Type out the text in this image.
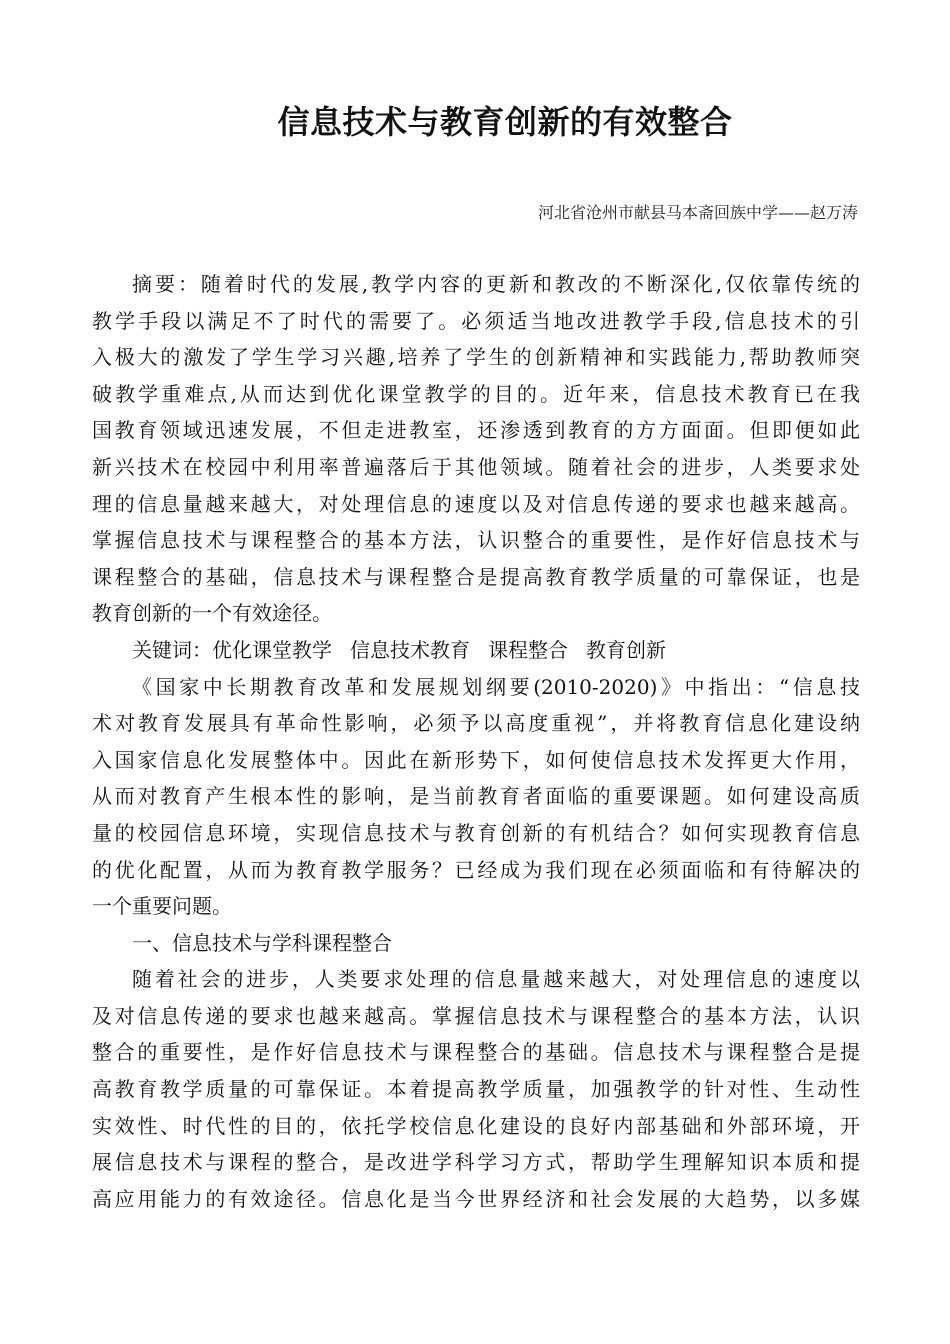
信息技术与教育创新的有效整合
河北省沧州市献县马本斋回族中学——赵万涛

摘要：随着时代的发展,教学内容的更新和教改的不断深化,仅依靠传统的
教学手段以满足不了时代的需要了。必须适当地改进教学手段,信息技术的引
入极大的激发了学生学习兴趣,培养了学生的创新精神和实践能力,帮助教师突
破教学重难点,从而达到优化课堂教学的目的。近年来，信息技术教育已在我
国教育领域迅速发展，不但走进教室，还渗透到教育的方方面面。但即便如此
新兴技术在校园中利用率普遍落后于其他领域。随着社会的进步，人类要求处
理的信息量越来越大，对处理信息的速度以及对信息传递的要求也越来越高。
掌握信息技术与课程整合的基本方法，认识整合的重要性，是作好信息技术与
课程整合的基础，信息技术与课程整合是提高教育教学质量的可靠保证，也是
教育创新的一个有效途径。

关键词：优化课堂教学 信息技术教育 课程整合 教育创新

《国家中长期教育改革和发展规划纲要(2010-2020)》中指出：“信息技
术对教育发展具有革命性影响，必须予以高度重视”，并将教育信息化建设纳
入国家信息化发展整体中。因此在新形势下，如何使信息技术发挥更大作用，
从而对教育产生根本性的影响，是当前教育者面临的重要课题。如何建设高质
量的校园信息环境，实现信息技术与教育创新的有机结合？如何实现教育信息
的优化配置，从而为教育教学服务？已经成为我们现在必须面临和有待解决的
一个重要问题。

一、信息技术与学科课程整合

随着社会的进步，人类要求处理的信息量越来越大，对处理信息的速度以
及对信息传递的要求也越来越高。掌握信息技术与课程整合的基本方法，认识
整合的重要性，是作好信息技术与课程整合的基础。信息技术与课程整合是提
高教育教学质量的可靠保证。本着提高教学质量，加强教学的针对性、生动性
实效性、时代性的目的，依托学校信息化建设的良好内部基础和外部环境，开
展信息技术与课程的整合，是改进学科学习方式，帮助学生理解知识本质和提
高应用能力的有效途径。信息化是当今世界经济和社会发展的大趋势，以多媒
